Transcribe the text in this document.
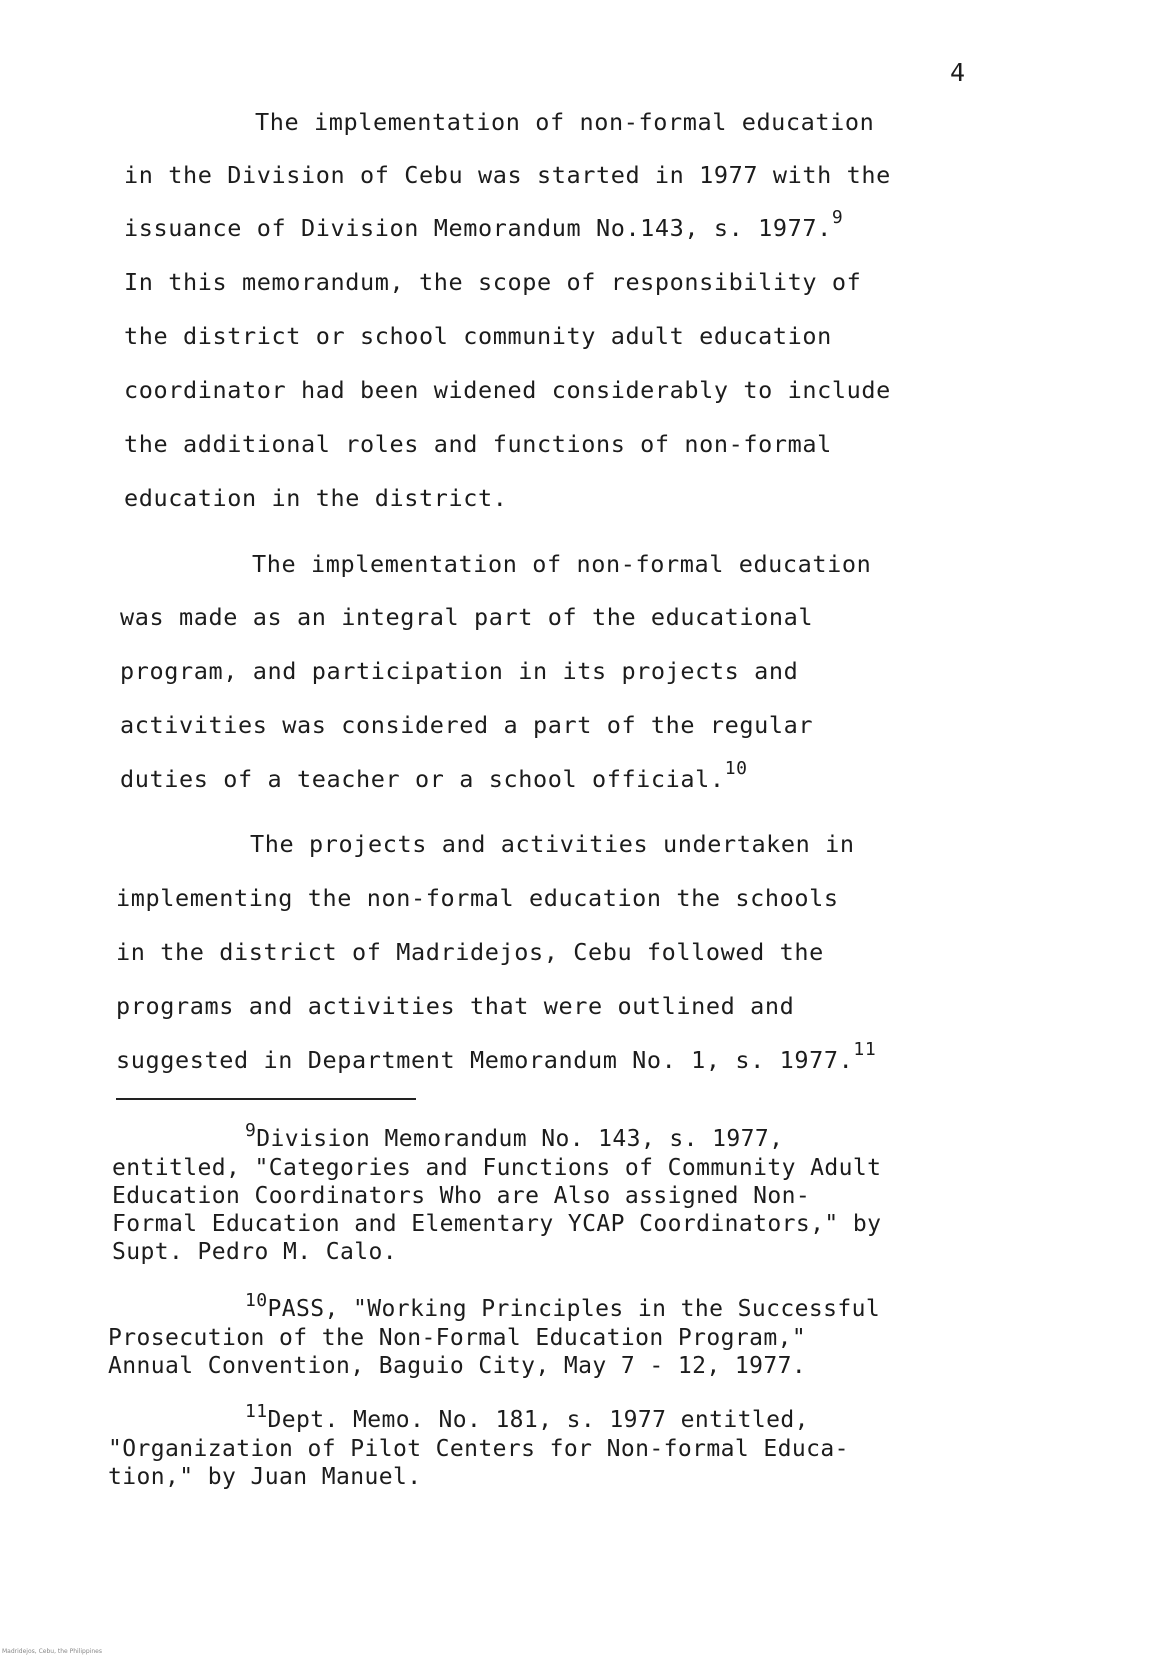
4
The implementation of non-formal education
in the Division of Cebu was started in 1977 with the
issuance of Division Memorandum No.143, s. 1977.$^9$
In this memorandum, the scope of responsibility of
the district or school community adult education
coordinator had been widened considerably to include
the additional roles and functions of non-formal
education in the district.
The implementation of non-formal education
was made as an integral part of the educational
program, and participation in its projects and
activities was considered a part of the regular
duties of a teacher or a school official.$^{10}$
The projects and activities undertaken in
implementing the non-formal education the schools
in the district of Madridejos, Cebu followed the
programs and activities that were outlined and
suggested in Department Memorandum No. 1, s. 1977.11
$^9$Division Memorandum No. 143, s. 1977,
entitled, "Categories and Functions of Community Adult
Education Coordinators Who are Also assigned Non-
Formal Education and Elementary YCAP Coordinators," by
Supt. Pedro M. Calo.
$^{10}$PASS, "Working Principles in the Successful
Prosecution of the Non-Formal Education Program,"
Annual Convention, Baguio City, May 7 - 12, 1977.
$^{11}$Dept. Memo. No. 181, s. 1977 entitled,
"Organization of Pilot Centers for Non-formal Educa-
tion," by Juan Manuel.
Madridejos, Cebu, the Philippines
